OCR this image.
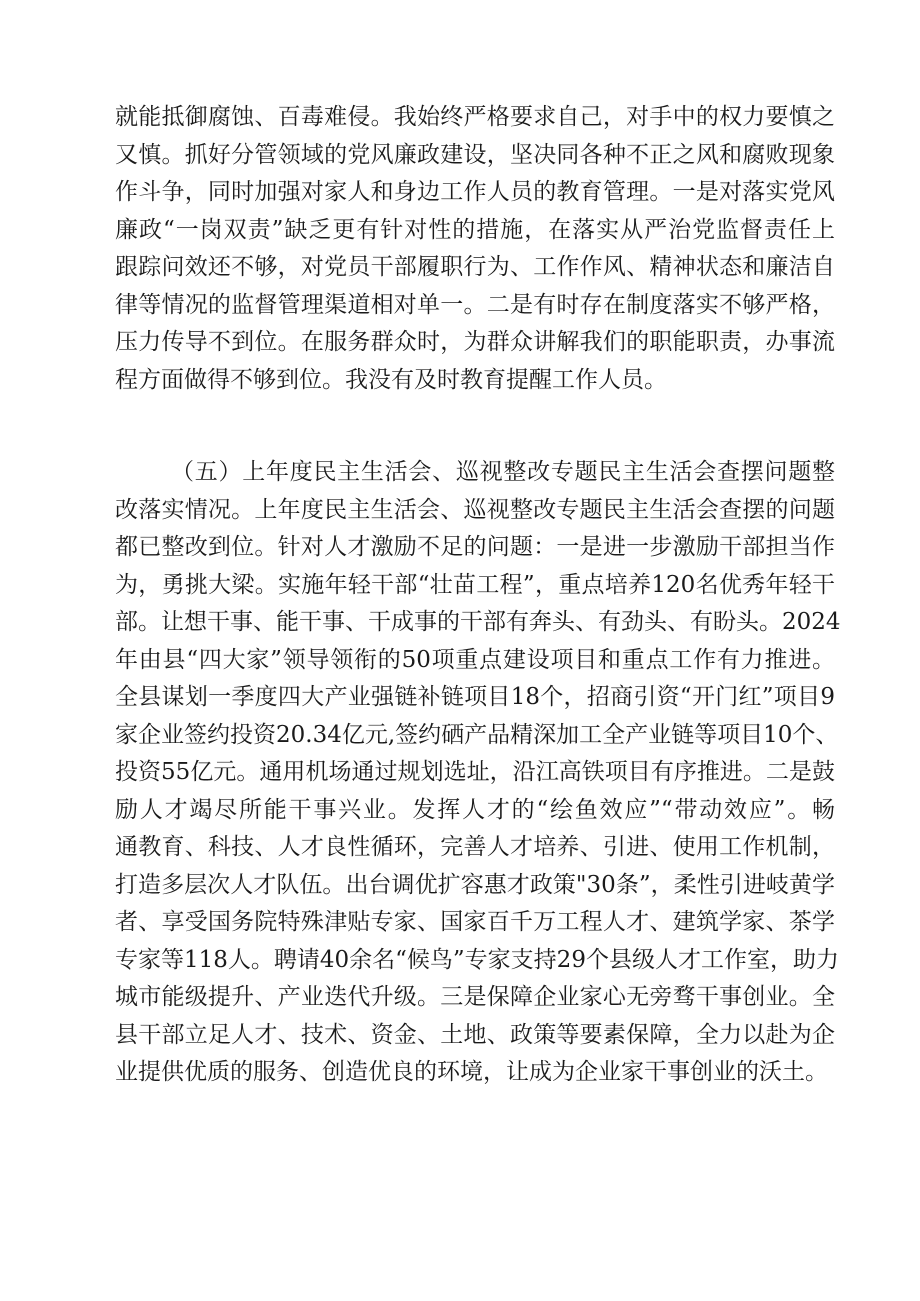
就能抵御腐蚀、百毒难侵。我始终严格要求自己，对手中的权力要慎之
又慎。抓好分管领域的党风廉政建设，坚决同各种不正之风和腐败现象
作斗争，同时加强对家人和身边工作人员的教育管理。一是对落实党风
廉政“一岗双责”缺乏更有针对性的措施，在落实从严治党监督责任上
跟踪问效还不够，对党员干部履职行为、工作作风、精神状态和廉洁自
律等情况的监督管理渠道相对单一。二是有时存在制度落实不够严格，
压力传导不到位。在服务群众时，为群众讲解我们的职能职责，办事流
程方面做得不够到位。我没有及时教育提醒工作人员。
（五）上年度民主生活会、巡视整改专题民主生活会查摆问题整
改落实情况。上年度民主生活会、巡视整改专题民主生活会查摆的问题
都已整改到位。针对人才激励不足的问题：一是进一步激励干部担当作
为，勇挑大梁。实施年轻干部“壮苗工程”，重点培养120名优秀年轻干
部。让想干事、能干事、干成事的干部有奔头、有劲头、有盼头。2024
年由县“四大家”领导领衔的50项重点建设项目和重点工作有力推进。
全县谋划一季度四大产业强链补链项目18个，招商引资“开门红”项目9
家企业签约投资20.34亿元,签约硒产品精深加工全产业链等项目10个、
投资55亿元。通用机场通过规划选址，沿江高铁项目有序推进。二是鼓
励人才竭尽所能干事兴业。发挥人才的“绘鱼效应”“带动效应”。畅
通教育、科技、人才良性循环，完善人才培养、引进、使用工作机制，
打造多层次人才队伍。出台调优扩容惠才政策"30条”，柔性引进岐黄学
者、享受国务院特殊津贴专家、国家百千万工程人才、建筑学家、茶学
专家等118人。聘请40余名“候鸟”专家支持29个县级人才工作室，助力
城市能级提升、产业迭代升级。三是保障企业家心无旁骛干事创业。全
县干部立足人才、技术、资金、土地、政策等要素保障，全力以赴为企
业提供优质的服务、创造优良的环境，让成为企业家干事创业的沃土。
